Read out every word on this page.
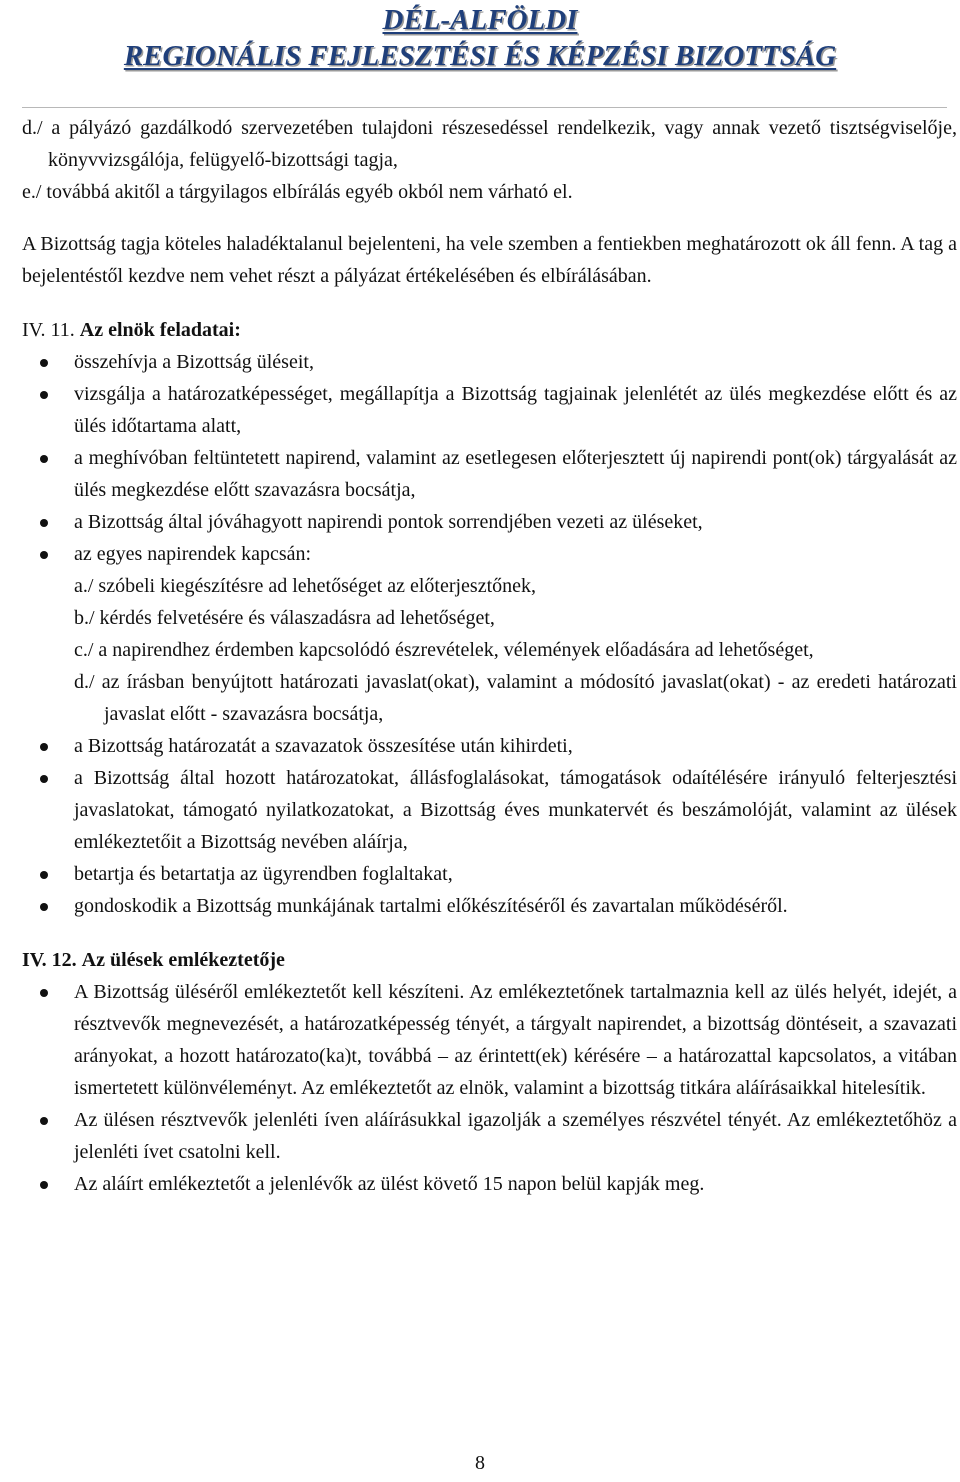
DÉL-ALFÖLDI
REGIONÁLIS FEJLESZTÉSI ÉS KÉPZÉSI BIZOTTSÁG

d./ a pályázó gazdálkodó szervezetében tulajdoni részesedéssel rendelkezik, vagy annak vezető tisztségviselője, könyvvizsgálója, felügyelő-bizottsági tagja,

e./ továbbá akitől a tárgyilagos elbírálás egyéb okból nem várható el.

A Bizottság tagja köteles haladéktalanul bejelenteni, ha vele szemben a fentiekben meghatározott ok áll fenn. A tag a bejelentéstől kezdve nem vehet részt a pályázat értékelésében és elbírálásában.

IV. 11. Az elnök feladatai:

összehívja a Bizottság üléseit,
vizsgálja a határozatképességet, megállapítja a Bizottság tagjainak jelenlétét az ülés megkezdése előtt és az ülés időtartama alatt,
a meghívóban feltüntetett napirend, valamint az esetlegesen előterjesztett új napirendi pont(ok) tárgyalását az ülés megkezdése előtt szavazásra bocsátja,
a Bizottság által jóváhagyott napirendi pontok sorrendjében vezeti az üléseket,
az egyes napirendek kapcsán:
a./ szóbeli kiegészítésre ad lehetőséget az előterjesztőnek,
b./ kérdés felvetésére és válaszadásra ad lehetőséget,
c./ a napirendhez érdemben kapcsolódó észrevételek, vélemények előadására ad lehetőséget,
d./ az írásban benyújtott határozati javaslat(okat), valamint a módosító javaslat(okat) - az eredeti határozati javaslat előtt - szavazásra bocsátja,
a Bizottság határozatát a szavazatok összesítése után kihirdeti,
a Bizottság által hozott határozatokat, állásfoglalásokat, támogatások odaítélésére irányuló felterjesztési javaslatokat, támogató nyilatkozatokat, a Bizottság éves munkatervét és beszámolóját, valamint az ülések emlékeztetőit a Bizottság nevében aláírja,
betartja és betartatja az ügyrendben foglaltakat,
gondoskodik a Bizottság munkájának tartalmi előkészítéséről és zavartalan működéséről.

IV. 12. Az ülések emlékeztetője

A Bizottság üléséről emlékeztetőt kell készíteni. Az emlékeztetőnek tartalmaznia kell az ülés helyét, idejét, a résztvevők megnevezését, a határozatképesség tényét, a tárgyalt napirendet, a bizottság döntéseit, a szavazati arányokat, a hozott határozato(ka)t, továbbá – az érintett(ek) kérésére – a határozattal kapcsolatos, a vitában ismertetett különvéleményt. Az emlékeztetőt az elnök, valamint a bizottság titkára aláírásaikkal hitelesítik.
Az ülésen résztvevők jelenléti íven aláírásukkal igazolják a személyes részvétel tényét. Az emlékeztetőhöz a jelenléti ívet csatolni kell.
Az aláírt emlékeztetőt a jelenlévők az ülést követő 15 napon belül kapják meg.
8
